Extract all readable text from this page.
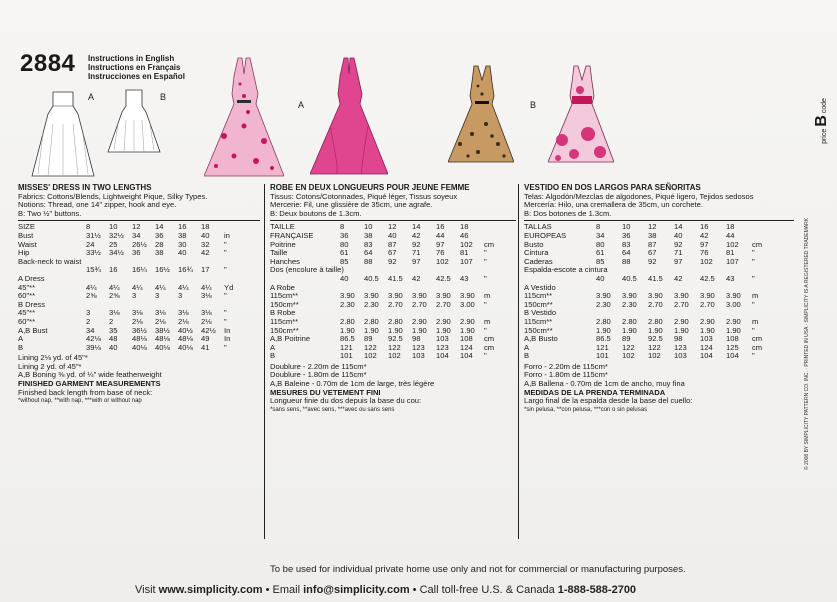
2884 Instructions in English
Instructions en Français
Instrucciones en Español
A	B
A	B
price B code
MISSES' DRESS IN TWO LENGTHS
Fabrics: Cottons/Blends, Lightweight Pique, Silky Types.
Notions: Thread, one 14" zipper, hook and eye.
B: Two ½" buttons.
SIZE	8	10	12	14	16	18
Bust	31½	32½	34	36	38	40	in
Waist	24	25	26½	28	30	32	"
Hip	33½	34½	36	38	40	42	"
Back-neck to waist
15¾	16	16¼	16½	16¾	17	"
A Dress
45"**	4¼	4¼	4¼	4¼	4¼	4¼	Yd
60"**	2⅝	2⅝	3	3	3	3⅛	"
B Dress
45"**	3	3⅛	3⅛	3⅛	3⅛	3⅛	"
60"**	2	2	2⅛	2⅛	2⅛	2⅛	"
A,B Bust	34	35	36½	38½	40½	42½	In
A	42⅛	48	48⅛	48⅛	48⅛	49	In
B	39⅛	40	40⅛	40⅛	40⅛	41	"
Lining 2⅛ yd. of 45"*
Lining 2 yd. of 45"*
A,B Boning ⅜ yd. of ¼" wide featherweight
FINISHED GARMENT MEASUREMENTS
Finished back length from base of neck:
*without nap, **with nap, ***with or without nap
ROBE EN DEUX LONGUEURS POUR JEUNE FEMME
Tissus: Cotons/Cotonnades, Piqué léger, Tissus soyeux
Mercerie: Fil, une glissière de 35cm, une agrafe.
B: Deux boutons de 1.3cm.
TAILLE	8	10	12	14	16	18
FRANÇAISE	36	38	40	42	44	46
Poitrine	80	83	87	92	97	102	cm
Taille	61	64	67	71	76	81	"
Hanches	85	88	92	97	102	107	"
Dos (encolure à taille)
40	40.5	41.5	42	42.5	43	"
A Robe
115cm**	3.90	3.90	3.90	3.90	3.90	3.90	m
150cm**	2.30	2.30	2.70	2.70	2.70	3.00	"
B Robe
115cm**	2.80	2.80	2.80	2.90	2.90	2.90	m
150cm**	1.90	1.90	1.90	1.90	1.90	1.90	"
A,B Poitrine	86.5	89	92.5	98	103	108	cm
A	121	122	122	123	123	124	cm
B	101	102	102	103	104	104	"
Doublure - 2.20m de 115cm*
Doublure - 1.80m de 115cm*
A,B Baleine - 0.70m de 1cm de large, très légère
MESURES DU VETEMENT FINI
Longueur finie du dos depuis la base du cou:
*sans sens, **avec sens, ***avec ou sans sens
VESTIDO EN DOS LARGOS PARA SEÑORITAS
Telas: Algodón/Mezclas de algodones, Piqué ligero, Tejidos sedosos
Mercería: Hilo, una cremallera de 35cm, un corchete.
B: Dos botones de 1.3cm.
TALLAS	8	10	12	14	16	18
EUROPEAS	34	36	38	40	42	44
Busto	80	83	87	92	97	102	cm
Cintura	61	64	67	71	76	81	"
Caderas	85	88	92	97	102	107	"
Espalda-escote a cintura
40	40.5	41.5	42	42.5	43	"
A Vestido
115cm**	3.90	3.90	3.90	3.90	3.90	3.90	m
150cm**	2.30	2.30	2.70	2.70	2.70	3.00	"
B Vestido
115cm**	2.80	2.80	2.80	2.90	2.90	2.90	m
150cm**	1.90	1.90	1.90	1.90	1.90	1.90	"
A,B Busto	86.5	89	92.5	98	103	108	cm
A	121	122	122	123	124	125	cm
B	101	102	102	103	104	104	"
Forro - 2.20m de 115cm*
Forro - 1.80m de 115cm*
A,B Ballena - 0.70m de 1cm de ancho, muy fina
MEDIDAS DE LA PRENDA TERMINADA
Largo final de la espalda desde la base del cuello:
*sin pelusa, **con pelusa, ***con o sin pelusas	© 2008 BY SIMPLICITY PATTERN CO. INC. · PRINTED IN USA · SIMPLICITY IS A REGISTERED TRADEMARK
To be used for individual private home use only and not for commercial or manufacturing purposes.
Visit www.simplicity.com • Email info@simplicity.com • Call toll-free U.S. & Canada 1-888-588-2700
